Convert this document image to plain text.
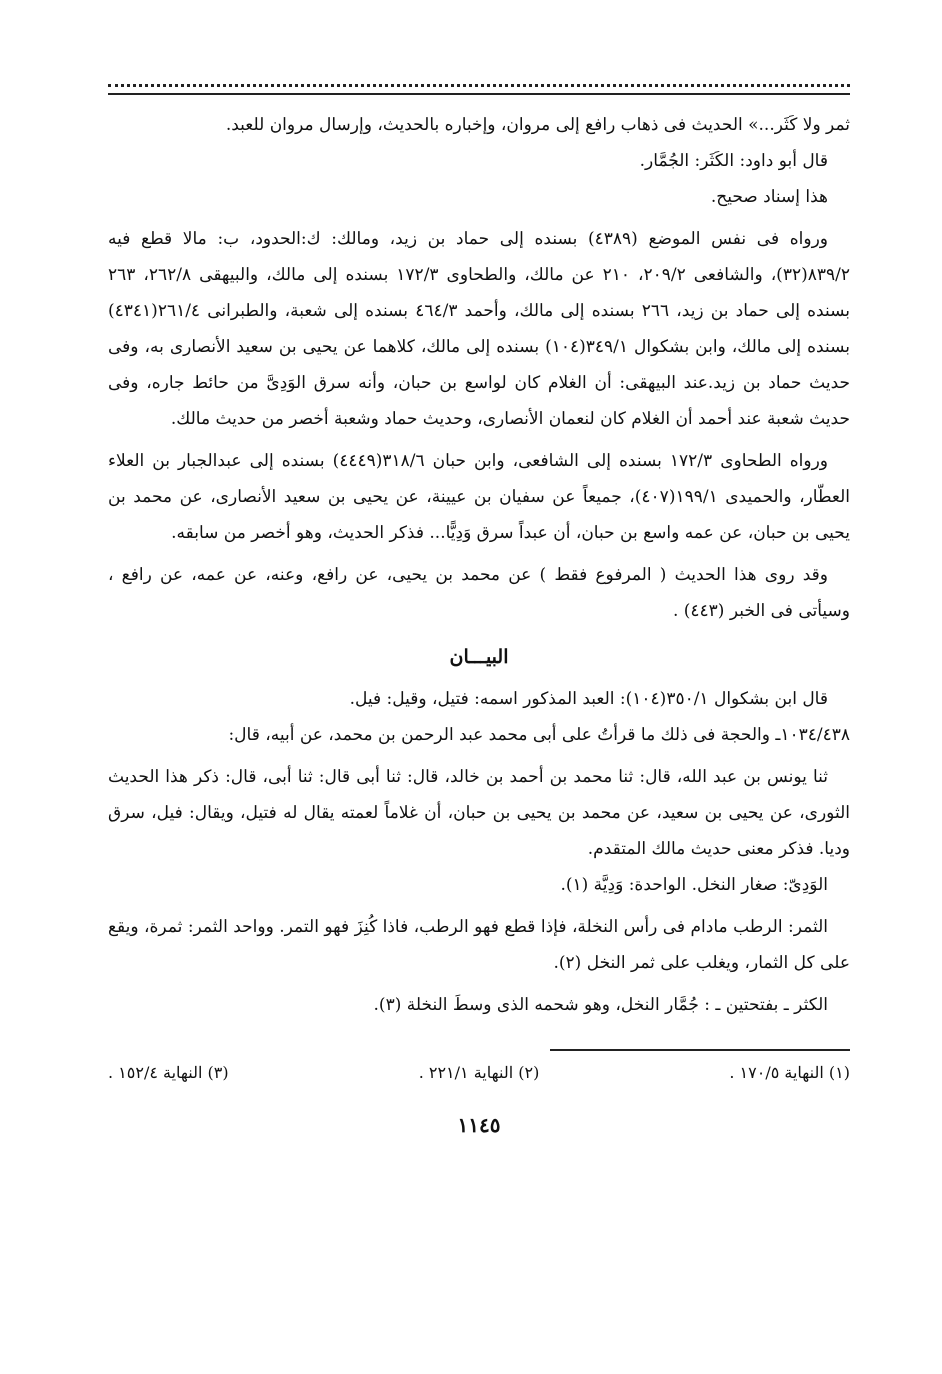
ثمر ولا كَثَر...» الحديث فى ذهاب رافع إلى مروان، وإخباره بالحديث، وإرسال مروان للعبد.

قال أبو داود: الكَثَر: الجُمَّار.

هذا إسناد صحيح.

ورواه فى نفس الموضع (٤٣٨٩) بسنده إلى حماد بن زيد، ومالك: ك:الحدود، ب: مالا قطع فيه ٨٣٩/٢(٣٢)، والشافعى ٢٠٩/٢، ٢١٠ عن مالك، والطحاوى ١٧٢/٣ بسنده إلى مالك، والبيهقى ٢٦٢/٨، ٢٦٣ بسنده إلى حماد بن زيد، ٢٦٦ بسنده إلى مالك، وأحمد ٤٦٤/٣ بسنده إلى شعبة، والطبرانى ٢٦١/٤(٤٣٤١) بسنده إلى مالك، وابن بشكوال ٣٤٩/١(١٠٤) بسنده إلى مالك، كلاهما عن يحيى بن سعيد الأنصارى به، وفى حديث حماد بن زيد.عند البيهقى: أن الغلام كان لواسع بن حبان، وأنه سرق الوَدِىَّ من حائط جاره، وفى حديث شعبة عند أحمد أن الغلام كان لنعمان الأنصارى، وحديث حماد وشعبة أخصر من حديث مالك.

ورواه الطحاوى ١٧٢/٣ بسنده إلى الشافعى، وابن حبان ٣١٨/٦(٤٤٤٩) بسنده إلى عبدالجبار بن العلاء العطّار، والحميدى ١٩٩/١(٤٠٧)، جميعاً عن سفيان بن عيينة، عن يحيى بن سعيد الأنصارى، عن محمد بن يحيى بن حبان، عن عمه واسع بن حبان، أن عبداً سرق وَدِيًّا... فذكر الحديث، وهو أخصر من سابقه.

وقد روى هذا الحديث ( المرفوع فقط ) عن محمد بن يحيى، عن رافع، وعنه، عن عمه، عن رافع ، وسيأتى فى الخبر (٤٤٣) .

البيـــان

قال ابن بشكوال ٣٥٠/١(١٠٤): العبد المذكور اسمه: فتيل، وقيل: فيل.

١٠٣٤/٤٣٨ـ والحجة فى ذلك ما قرأتُ على أبى محمد عبد الرحمن بن محمد، عن أبيه، قال:

ثنا يونس بن عبد الله، قال: ثنا محمد بن أحمد بن خالد، قال: ثنا أبى قال: ثنا أبى، قال: ذكر هذا الحديث الثورى، عن يحيى بن سعيد، عن محمد بن يحيى بن حبان، أن غلاماً لعمته يقال له فتيل، ويقال: فيل، سرق وديا. فذكر معنى حديث مالك المتقدم.

الوَدِىّ: صغار النخل. الواحدة: وَدِيَّة (١).

الثمر: الرطب مادام فى رأس النخلة، فإذا قطع فهو الرطب، فاذا كُنِزَ فهو التمر. وواحد الثمر: ثمرة، ويقع على كل الثمار، ويغلب على ثمر النخل (٢).

الكثر ـ بفتحتين ـ : جُمَّار النخل، وهو شحمه الذى وسطَ النخلة (٣).

(١) النهاية ١٧٠/٥ .
(٢) النهاية ٢٢١/١ .
(٣) النهاية ١٥٢/٤ .
١١٤٥
